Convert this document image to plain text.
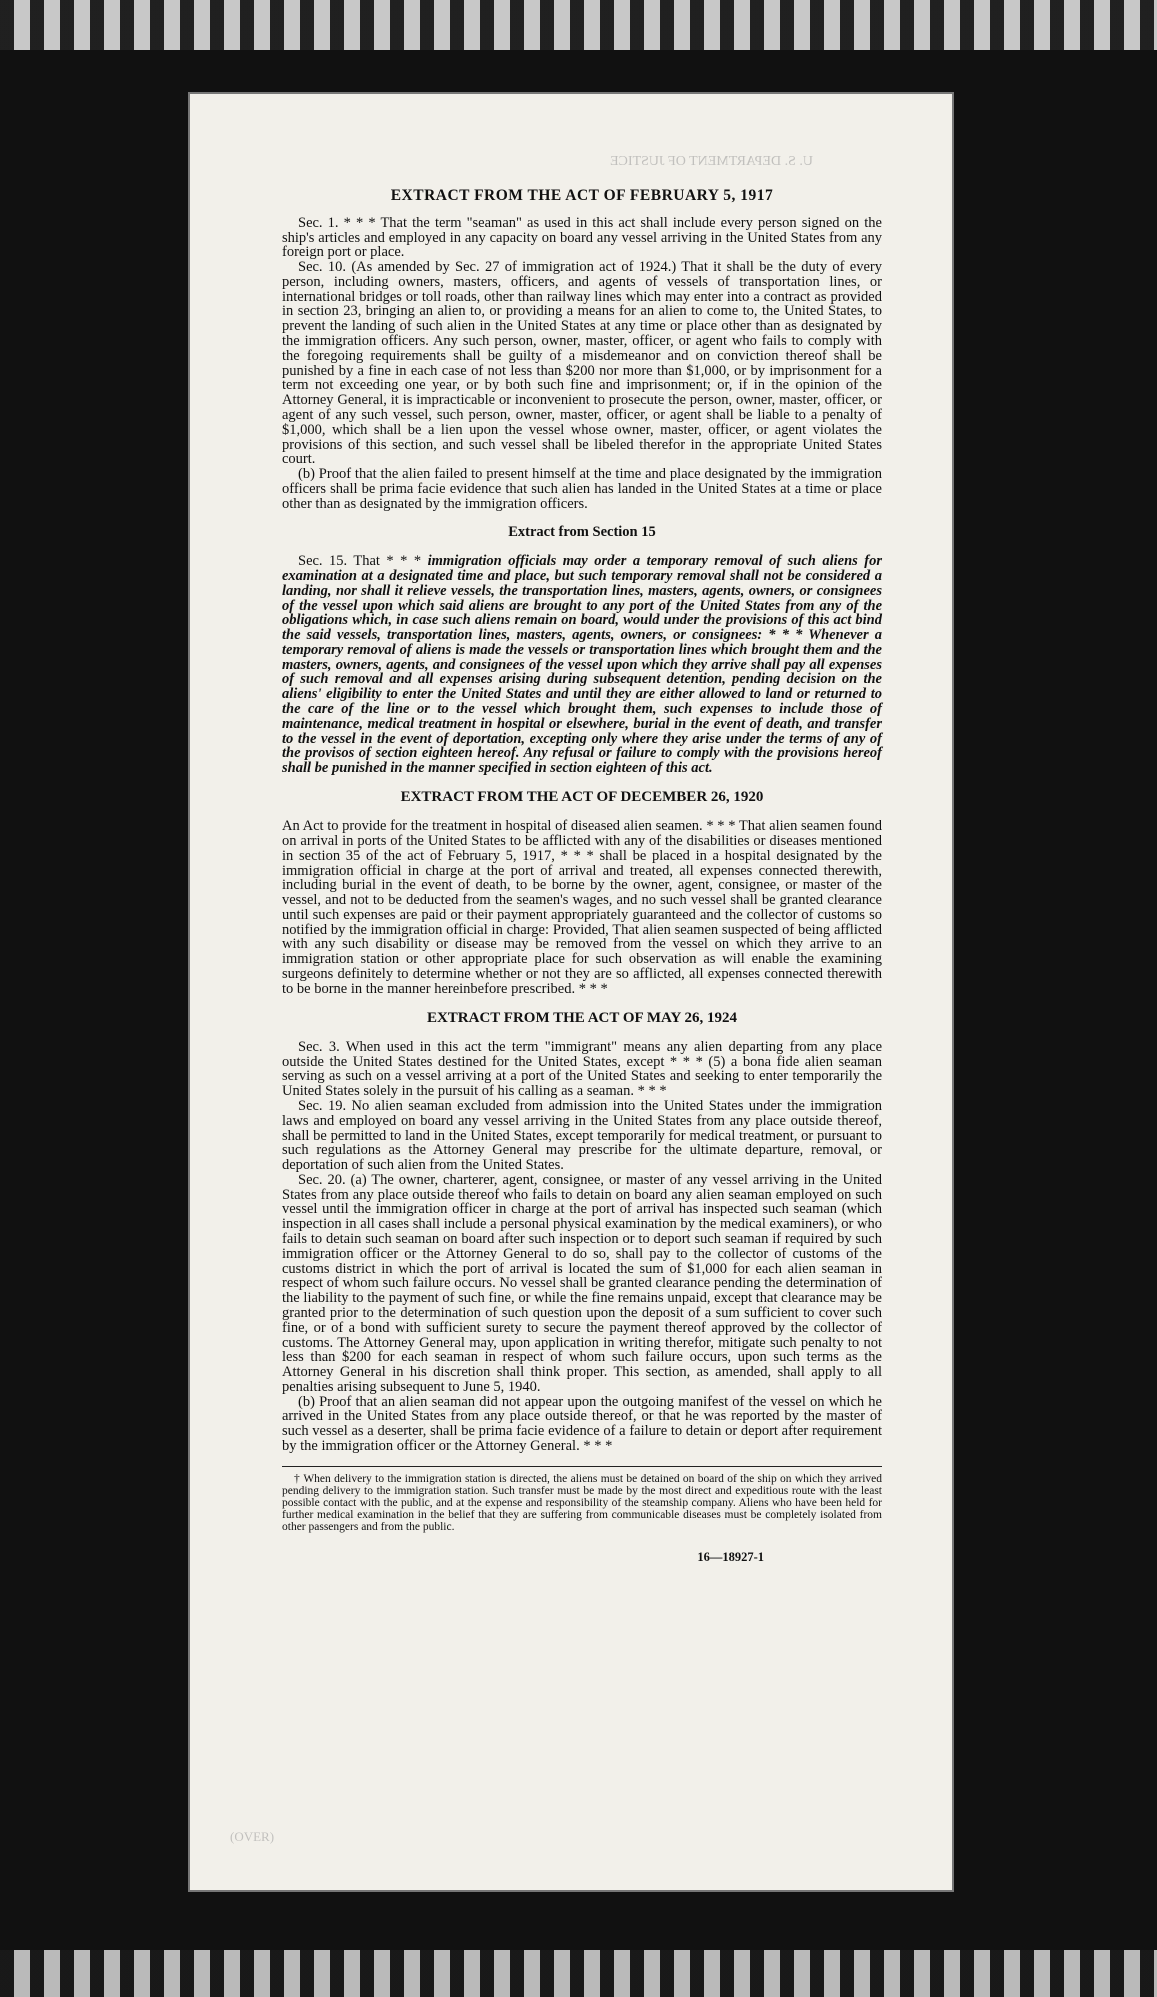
U. S. DEPARTMENT OF JUSTICE
(OVER)
EXTRACT FROM THE ACT OF FEBRUARY 5, 1917

Sec. 1. * * * That the term "seaman" as used in this act shall include every person signed on the ship's articles and employed in any capacity on board any vessel arriving in the United States from any foreign port or place.

Sec. 10. (As amended by Sec. 27 of immigration act of 1924.) That it shall be the duty of every person, including owners, masters, officers, and agents of vessels of transportation lines, or international bridges or toll roads, other than railway lines which may enter into a contract as provided in section 23, bringing an alien to, or providing a means for an alien to come to, the United States, to prevent the landing of such alien in the United States at any time or place other than as designated by the immigration officers. Any such person, owner, master, officer, or agent who fails to comply with the foregoing requirements shall be guilty of a misdemeanor and on conviction thereof shall be punished by a fine in each case of not less than $200 nor more than $1,000, or by imprisonment for a term not exceeding one year, or by both such fine and imprisonment; or, if in the opinion of the Attorney General, it is impracticable or inconvenient to prosecute the person, owner, master, officer, or agent of any such vessel, such person, owner, master, officer, or agent shall be liable to a penalty of $1,000, which shall be a lien upon the vessel whose owner, master, officer, or agent violates the provisions of this section, and such vessel shall be libeled therefor in the appropriate United States court.

(b) Proof that the alien failed to present himself at the time and place designated by the immigration officers shall be prima facie evidence that such alien has landed in the United States at a time or place other than as designated by the immigration officers.

Extract from Section 15

Sec. 15. That * * * immigration officials may order a temporary removal of such aliens for examination at a designated time and place, but such temporary removal shall not be considered a landing, nor shall it relieve vessels, the transportation lines, masters, agents, owners, or consignees of the vessel upon which said aliens are brought to any port of the United States from any of the obligations which, in case such aliens remain on board, would under the provisions of this act bind the said vessels, transportation lines, masters, agents, owners, or consignees: * * * Whenever a temporary removal of aliens is made the vessels or transportation lines which brought them and the masters, owners, agents, and consignees of the vessel upon which they arrive shall pay all expenses of such removal and all expenses arising during subsequent detention, pending decision on the aliens' eligibility to enter the United States and until they are either allowed to land or returned to the care of the line or to the vessel which brought them, such expenses to include those of maintenance, medical treatment in hospital or elsewhere, burial in the event of death, and transfer to the vessel in the event of deportation, excepting only where they arise under the terms of any of the provisos of section eighteen hereof. Any refusal or failure to comply with the provisions hereof shall be punished in the manner specified in section eighteen of this act.

EXTRACT FROM THE ACT OF DECEMBER 26, 1920

An Act to provide for the treatment in hospital of diseased alien seamen. * * * That alien seamen found on arrival in ports of the United States to be afflicted with any of the disabilities or diseases mentioned in section 35 of the act of February 5, 1917, * * * shall be placed in a hospital designated by the immigration official in charge at the port of arrival and treated, all expenses connected therewith, including burial in the event of death, to be borne by the owner, agent, consignee, or master of the vessel, and not to be deducted from the seamen's wages, and no such vessel shall be granted clearance until such expenses are paid or their payment appropriately guaranteed and the collector of customs so notified by the immigration official in charge: Provided, That alien seamen suspected of being afflicted with any such disability or disease may be removed from the vessel on which they arrive to an immigration station or other appropriate place for such observation as will enable the examining surgeons definitely to determine whether or not they are so afflicted, all expenses connected therewith to be borne in the manner hereinbefore prescribed. * * *

EXTRACT FROM THE ACT OF MAY 26, 1924

Sec. 3. When used in this act the term "immigrant" means any alien departing from any place outside the United States destined for the United States, except * * * (5) a bona fide alien seaman serving as such on a vessel arriving at a port of the United States and seeking to enter temporarily the United States solely in the pursuit of his calling as a seaman. * * *

Sec. 19. No alien seaman excluded from admission into the United States under the immigration laws and employed on board any vessel arriving in the United States from any place outside thereof, shall be permitted to land in the United States, except temporarily for medical treatment, or pursuant to such regulations as the Attorney General may prescribe for the ultimate departure, removal, or deportation of such alien from the United States.

Sec. 20. (a) The owner, charterer, agent, consignee, or master of any vessel arriving in the United States from any place outside thereof who fails to detain on board any alien seaman employed on such vessel until the immigration officer in charge at the port of arrival has inspected such seaman (which inspection in all cases shall include a personal physical examination by the medical examiners), or who fails to detain such seaman on board after such inspection or to deport such seaman if required by such immigration officer or the Attorney General to do so, shall pay to the collector of customs of the customs district in which the port of arrival is located the sum of $1,000 for each alien seaman in respect of whom such failure occurs. No vessel shall be granted clearance pending the determination of the liability to the payment of such fine, or while the fine remains unpaid, except that clearance may be granted prior to the determination of such question upon the deposit of a sum sufficient to cover such fine, or of a bond with sufficient surety to secure the payment thereof approved by the collector of customs. The Attorney General may, upon application in writing therefor, mitigate such penalty to not less than $200 for each seaman in respect of whom such failure occurs, upon such terms as the Attorney General in his discretion shall think proper. This section, as amended, shall apply to all penalties arising subsequent to June 5, 1940.

(b) Proof that an alien seaman did not appear upon the outgoing manifest of the vessel on which he arrived in the United States from any place outside thereof, or that he was reported by the master of such vessel as a deserter, shall be prima facie evidence of a failure to detain or deport after requirement by the immigration officer or the Attorney General. * * *

† When delivery to the immigration station is directed, the aliens must be detained on board of the ship on which they arrived pending delivery to the immigration station. Such transfer must be made by the most direct and expeditious route with the least possible contact with the public, and at the expense and responsibility of the steamship company. Aliens who have been held for further medical examination in the belief that they are suffering from communicable diseases must be completely isolated from other passengers and from the public.

16—18927-1
